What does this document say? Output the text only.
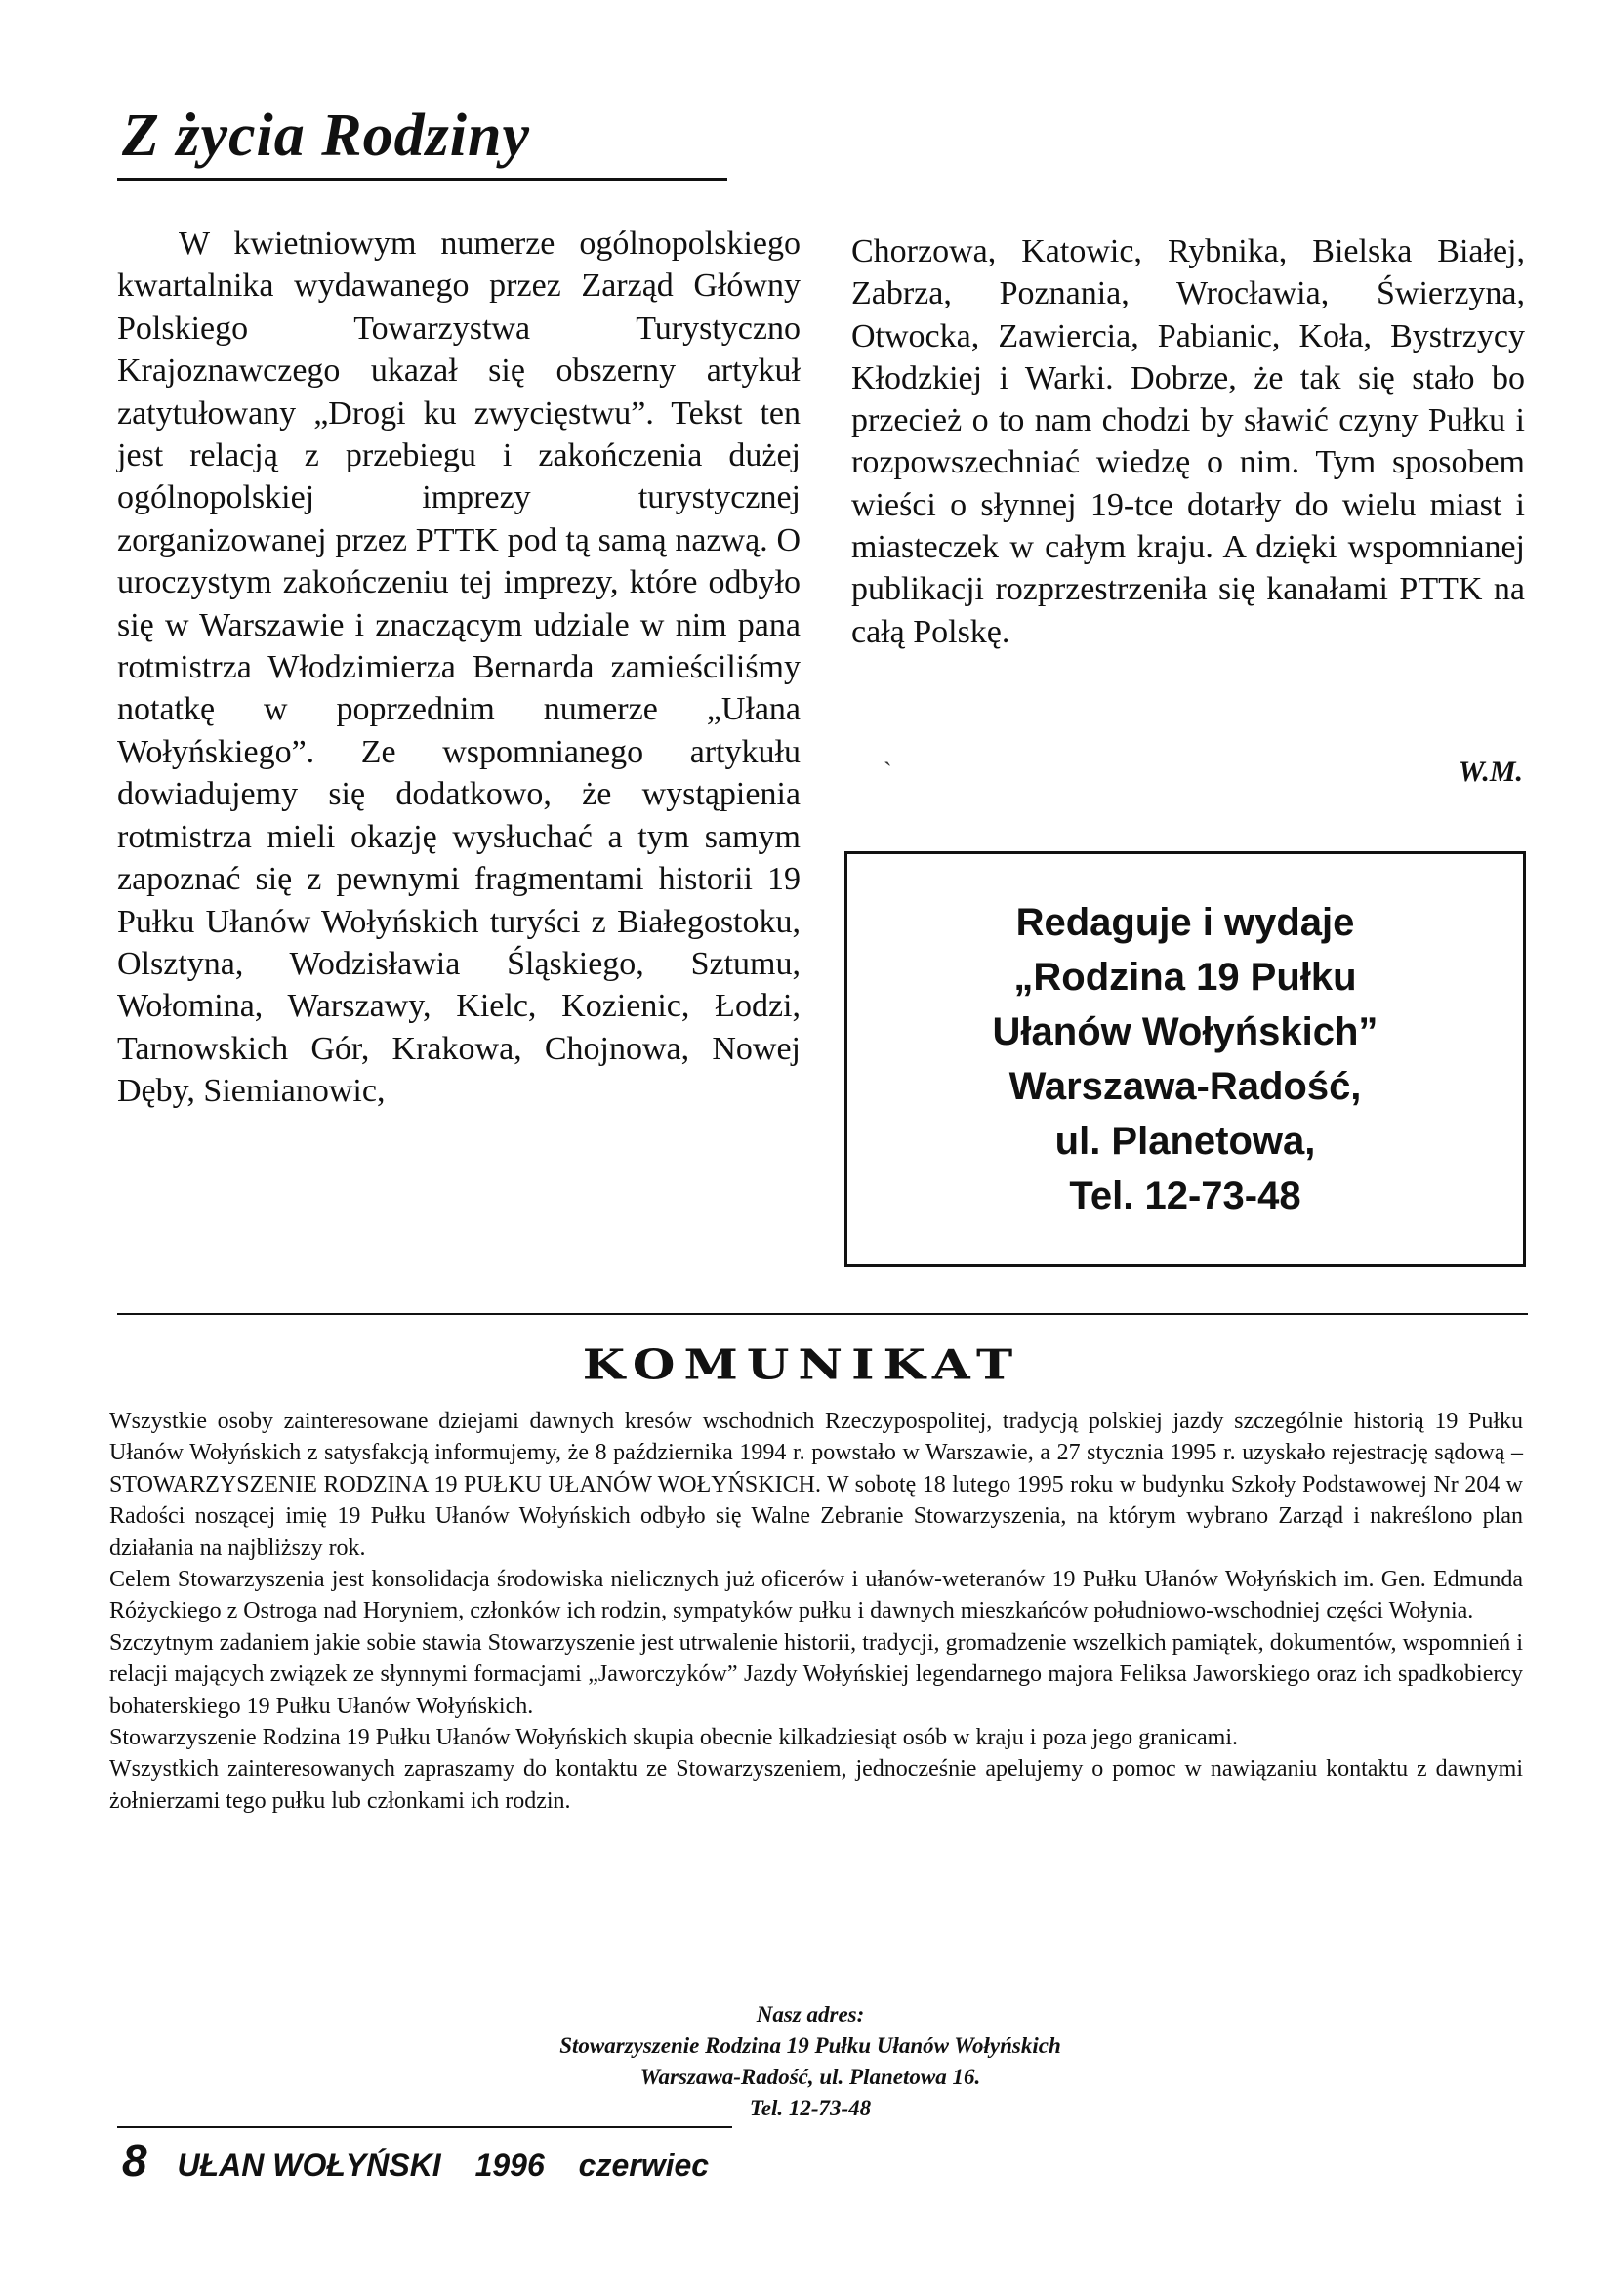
Z życia Rodziny

W kwietniowym numerze ogólnopolskiego kwartalnika wydawanego przez Zarząd Główny Polskiego Towarzystwa Turystyczno Krajoznawczego ukazał się obszerny artykuł zatytułowany „Drogi ku zwycięstwu”. Tekst ten jest relacją z przebiegu i zakończenia dużej ogólnopolskiej imprezy turystycznej zorganizowanej przez PTTK pod tą samą nazwą. O uroczystym zakończeniu tej imprezy, które odbyło się w Warszawie i znaczącym udziale w nim pana rotmistrza Włodzimierza Bernarda zamieściliśmy notatkę w poprzednim numerze „Ułana Wołyńskiego”. Ze wspomnianego artykułu dowiadujemy się dodatkowo, że wystąpienia rotmistrza mieli okazję wysłuchać a tym samym zapoznać się z pewnymi fragmentami historii 19 Pułku Ułanów Wołyńskich turyści z Białegostoku, Olsztyna, Wodzisławia Śląskiego, Sztumu, Wołomina, Warszawy, Kielc, Kozienic, Łodzi, Tarnowskich Gór, Krakowa, Chojnowa, Nowej Dęby, Siemianowic,

Chorzowa, Katowic, Rybnika, Bielska Białej, Zabrza, Poznania, Wrocławia, Świerzyna, Otwocka, Zawiercia, Pabianic, Koła, Bystrzycy Kłodzkiej i Warki. Dobrze, że tak się stało bo przecież o to nam chodzi by sławić czyny Pułku i rozpowszechniać wiedzę o nim. Tym sposobem wieści o słynnej 19-tce dotarły do wielu miast i miasteczek w całym kraju. A dzięki wspomnianej publikacji rozprzestrzeniła się kanałami PTTK na całą Polskę.

ˋ	W.M.
Redaguje i wydaje
„Rodzina 19 Pułku
Ułanów Wołyńskich”
Warszawa-Radość,
ul. Planetowa,
Tel. 12-73-48
KOMUNIKAT

Wszystkie osoby zainteresowane dziejami dawnych kresów wschodnich Rzeczypospolitej, tradycją polskiej jazdy szczególnie historią 19 Pułku Ułanów Wołyńskich z satysfakcją informujemy, że 8 października 1994 r. powstało w Warszawie, a 27 stycznia 1995 r. uzyskało rejestrację sądową – STOWARZYSZENIE RODZINA 19 PUŁKU UŁANÓW WOŁYŃSKICH. W sobotę 18 lutego 1995 roku w budynku Szkoły Podstawowej Nr 204 w Radości noszącej imię 19 Pułku Ułanów Wołyńskich odbyło się Walne Zebranie Stowarzyszenia, na którym wybrano Zarząd i nakreślono plan działania na najbliższy rok.

Celem Stowarzyszenia jest konsolidacja środowiska nielicznych już oficerów i ułanów-weteranów 19 Pułku Ułanów Wołyńskich im. Gen. Edmunda Różyckiego z Ostroga nad Horyniem, członków ich rodzin, sympatyków pułku i dawnych mieszkańców południowo-wschodniej części Wołynia.

Szczytnym zadaniem jakie sobie stawia Stowarzyszenie jest utrwalenie historii, tradycji, gromadzenie wszelkich pamiątek, dokumentów, wspomnień i relacji mających związek ze słynnymi formacjami „Jaworczyków” Jazdy Wołyńskiej legendarnego majora Feliksa Jaworskiego oraz ich spadkobiercy bohaterskiego 19 Pułku Ułanów Wołyńskich.

Stowarzyszenie Rodzina 19 Pułku Ułanów Wołyńskich skupia obecnie kilkadziesiąt osób w kraju i poza jego granicami.

Wszystkich zainteresowanych zapraszamy do kontaktu ze Stowarzyszeniem, jednocześnie apelujemy o pomoc w nawiązaniu kontaktu z dawnymi żołnierzami tego pułku lub członkami ich rodzin.

Nasz adres:
Stowarzyszenie Rodzina 19 Pułku Ułanów Wołyńskich
Warszawa-Radość, ul. Planetowa 16.
Tel. 12-73-48
8 UŁAN WOŁYŃSKI 1996 czerwiec
